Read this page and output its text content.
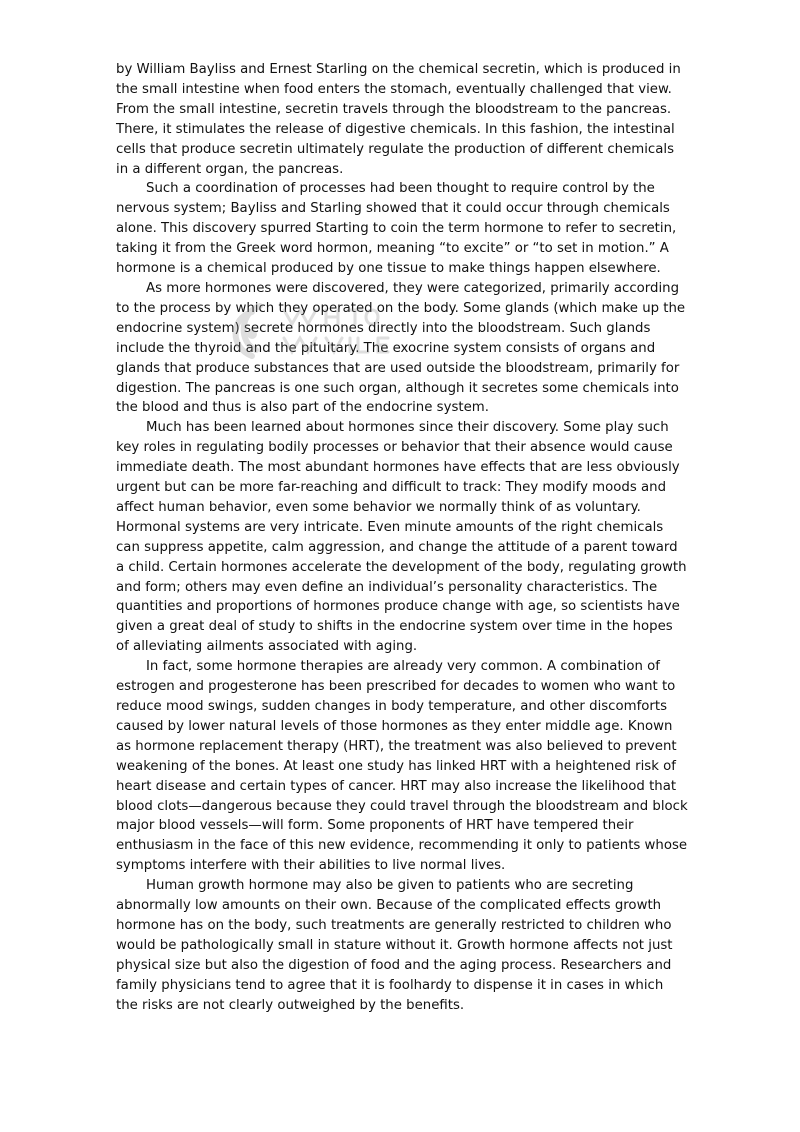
by William Bayliss and Ernest Starling on the chemical secretin, which is produced in the small intestine when food enters the stomach, eventually challenged that view. From the small intestine, secretin travels through the bloodstream to the pancreas. There, it stimulates the release of digestive chemicals. In this fashion, the intestinal cells that produce secretin ultimately regulate the production of different chemicals in a different organ, the pancreas.

Such a coordination of processes had been thought to require control by the nervous system; Bayliss and Starling showed that it could occur through chemicals alone. This discovery spurred Starting to coin the term hormone to refer to secretin, taking it from the Greek word hormon, meaning “to excite” or “to set in motion.” A hormone is a chemical produced by one tissue to make things happen elsewhere.

As more hormones were discovered, they were categorized, primarily according to the process by which they operated on the body. Some glands (which make up the endocrine system) secrete hormones directly into the bloodstream. Such glands include the thyroid and the pituitary. The exocrine system consists of organs and glands that produce substances that are used outside the bloodstream, primarily for digestion. The pancreas is one such organ, although it secretes some chemicals into the blood and thus is also part of the endocrine system.

Much has been learned about hormones since their discovery. Some play such key roles in regulating bodily processes or behavior that their absence would cause immediate death. The most abundant hormones have effects that are less obviously urgent but can be more far-reaching and difficult to track: They modify moods and affect human behavior, even some behavior we normally think of as voluntary. Hormonal systems are very intricate. Even minute amounts of the right chemicals can suppress appetite, calm aggression, and change the attitude of a parent toward a child. Certain hormones accelerate the development of the body, regulating growth and form; others may even define an individual’s personality characteristics. The quantities and proportions of hormones produce change with age, so scientists have given a great deal of study to shifts in the endocrine system over time in the hopes of alleviating ailments associated with aging.

In fact, some hormone therapies are already very common. A combination of estrogen and progesterone has been prescribed for decades to women who want to reduce mood swings, sudden changes in body temperature, and other discomforts caused by lower natural levels of those hormones as they enter middle age. Known as hormone replacement therapy (HRT), the treatment was also believed to prevent weakening of the bones. At least one study has linked HRT with a heightened risk of heart disease and certain types of cancer. HRT may also increase the likelihood that blood clots—dangerous because they could travel through the bloodstream and block major blood vessels—will form. Some proponents of HRT have tempered their enthusiasm in the face of this new evidence, recommending it only to patients whose symptoms interfere with their abilities to live normal lives.

Human growth hormone may also be given to patients who are secreting abnormally low amounts on their own. Because of the complicated effects growth hormone has on the body, such treatments are generally restricted to children who would be pathologically small in stature without it. Growth hormone affects not just physical size but also the digestion of food and the aging process. Researchers and family physicians tend to agree that it is foolhardy to dispense it in cases in which the risks are not clearly outweighed by the benefits.
